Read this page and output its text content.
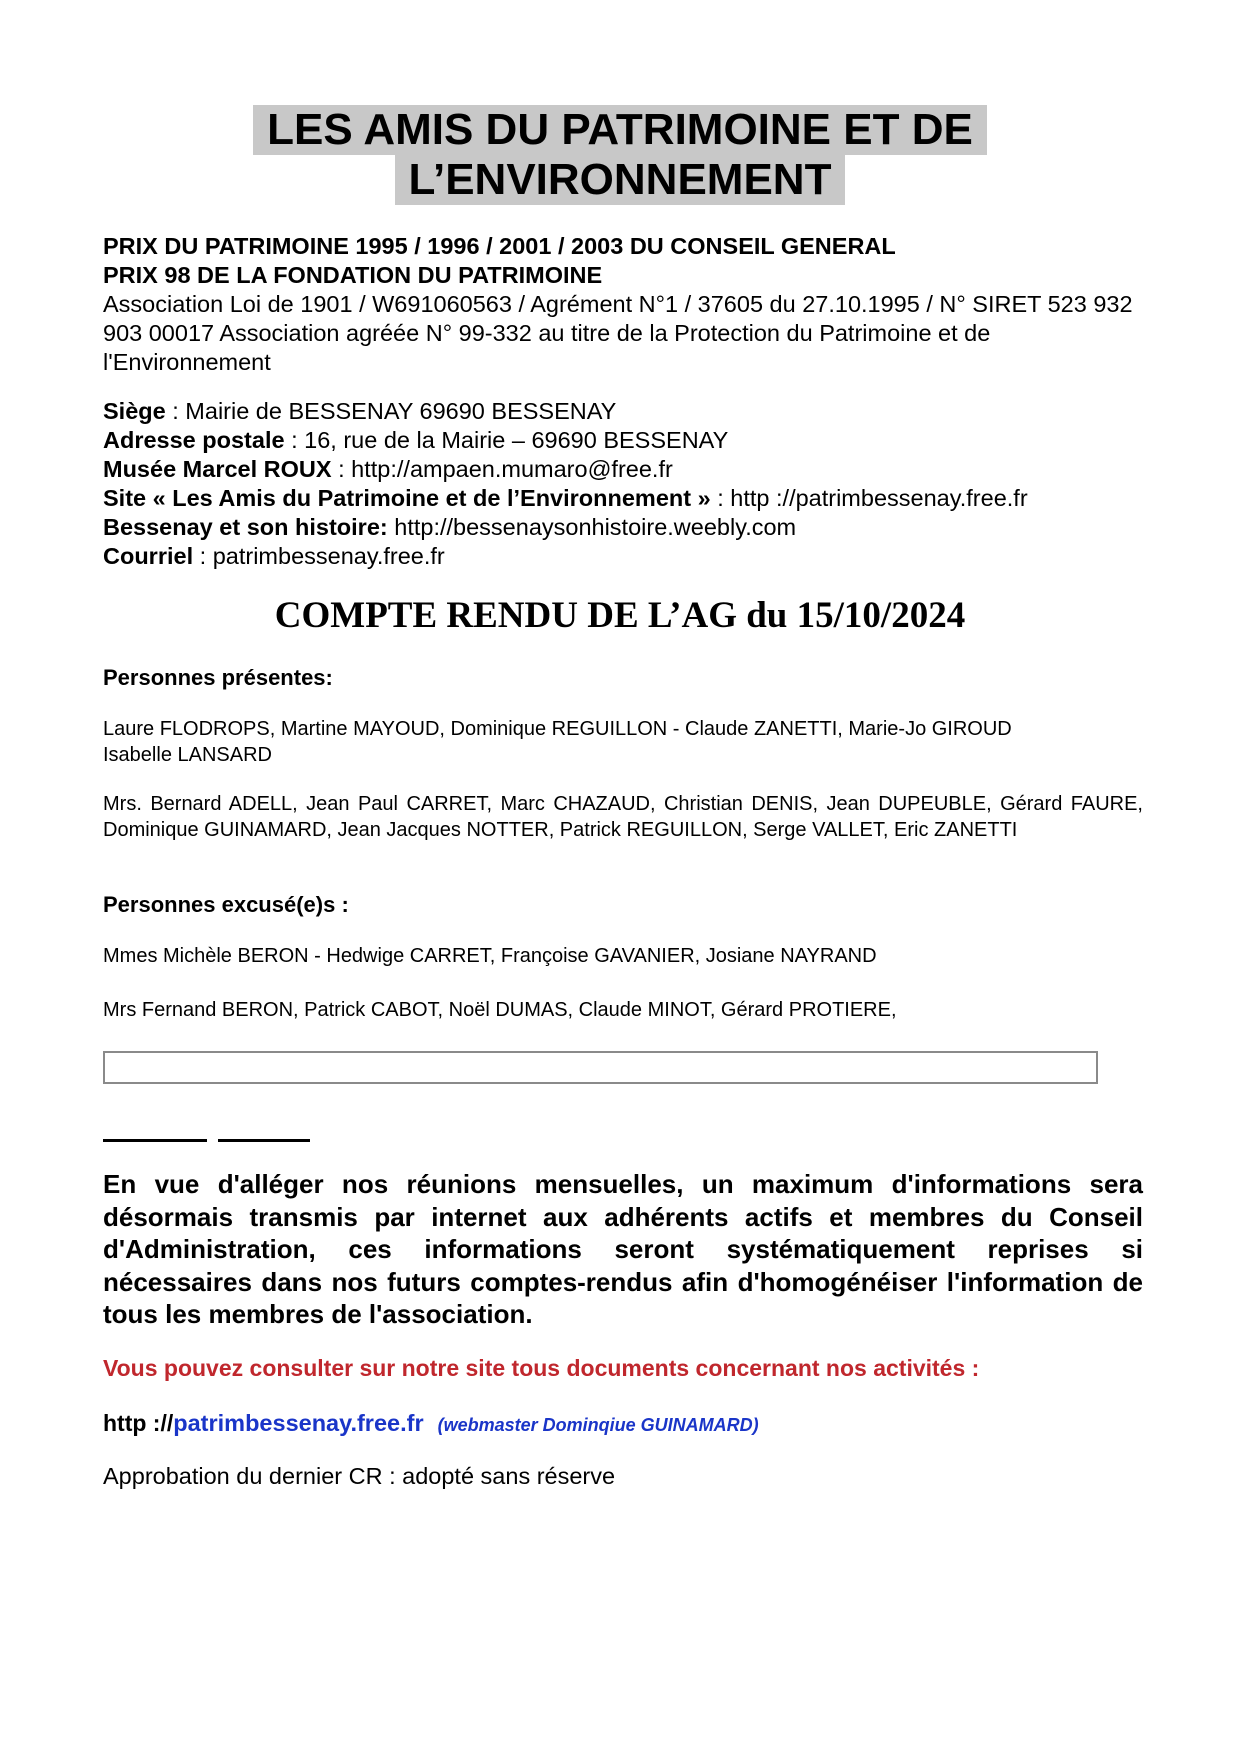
LES AMIS DU PATRIMOINE ET DE
L’ENVIRONNEMENT
PRIX DU PATRIMOINE 1995 / 1996 / 2001 / 2003 DU CONSEIL GENERAL
PRIX 98 DE LA FONDATION DU PATRIMOINE
Association Loi de 1901 / W691060563 / Agrément N°1 / 37605 du 27.10.1995 / N° SIRET 523 932 903 00017 Association agréée N° 99-332 au titre de la Protection du Patrimoine et de l'Environnement
Siège : Mairie de BESSENAY 69690 BESSENAY
Adresse postale : 16, rue de la Mairie – 69690 BESSENAY
Musée Marcel ROUX : http://ampaen.mumaro@free.fr
Site « Les Amis du Patrimoine et de l’Environnement » : http ://patrimbessenay.free.fr
Bessenay et son histoire: http://bessenaysonhistoire.weebly.com
Courriel : patrimbessenay.free.fr
COMPTE RENDU DE L’AG du 15/10/2024
Personnes présentes:
Laure FLODROPS, Martine MAYOUD, Dominique REGUILLON - Claude ZANETTI, Marie-Jo GIROUD
Isabelle LANSARD
Mrs. Bernard ADELL, Jean Paul CARRET, Marc CHAZAUD, Christian DENIS, Jean DUPEUBLE, Gérard FAURE, Dominique GUINAMARD, Jean Jacques NOTTER, Patrick REGUILLON, Serge VALLET, Eric ZANETTI
Personnes excusé(e)s :
Mmes Michèle BERON - Hedwige CARRET, Françoise GAVANIER, Josiane NAYRAND
Mrs Fernand BERON, Patrick CABOT, Noël DUMAS, Claude MINOT, Gérard PROTIERE,
En vue d'alléger nos réunions mensuelles, un maximum d'informations sera désormais transmis par internet aux adhérents actifs et membres du Conseil d'Administration, ces informations seront systématiquement reprises si nécessaires dans nos futurs comptes-rendus afin d'homogénéiser l'information de tous les membres de l'association.
Vous pouvez consulter sur notre site tous documents concernant nos activités :
http ://patrimbessenay.free.fr (webmaster Dominqiue GUINAMARD)
Approbation du dernier CR : adopté sans réserve
